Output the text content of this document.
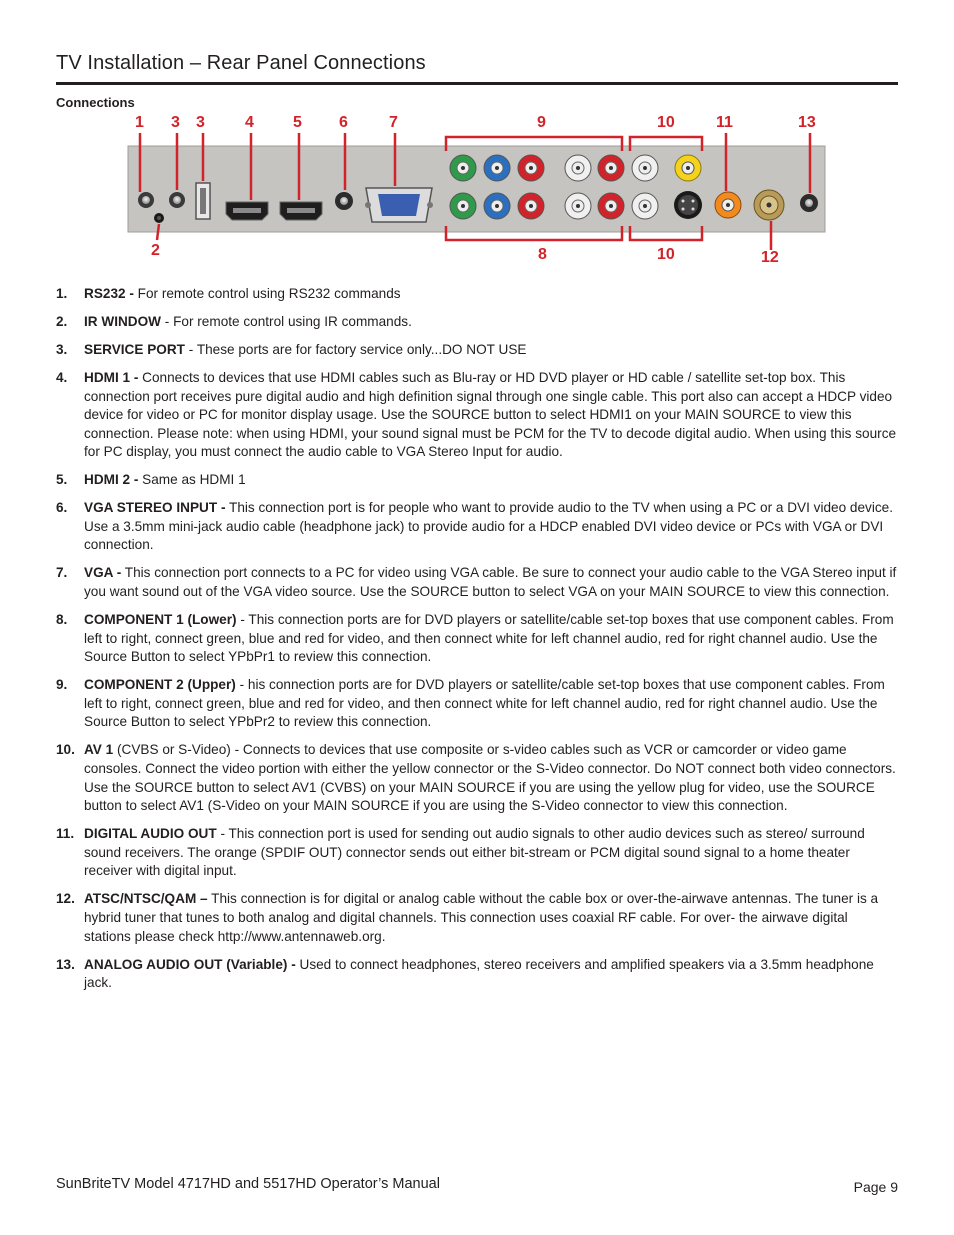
TV Installation – Rear Panel Connections
Connections
1
2
3 3	4 5 6	7
8
9	10
10
11
12
13
1. RS232 - For remote control using RS232 commands
2. IR WINDOW - For remote control using IR commands.
3. SERVICE PORT - These ports are for factory service only...DO NOT USE
4. HDMI 1 - Connects to devices that use HDMI cables such as Blu-ray or HD DVD player or HD cable / satellite set-top box. This connection port receives pure digital audio and high definition signal through one single cable. This port also can accept a HDCP video device for video or PC for monitor display usage. Use the SOURCE button to select HDMI1 on your MAIN SOURCE to view this connection. Please note: when using HDMI, your sound signal must be PCM for the TV to decode digital audio. When using this source for PC display, you must connect the audio cable to VGA Stereo Input for audio.
5. HDMI 2 - Same as HDMI 1
6. VGA STEREO INPUT - This connection port is for people who want to provide audio to the TV when using a PC or a DVI video device. Use a 3.5mm mini-jack audio cable (headphone jack) to provide audio for a HDCP enabled DVI video device or PCs with VGA or DVI connection.
7. VGA - This connection port connects to a PC for video using VGA cable. Be sure to connect your audio cable to the VGA Stereo input if you want sound out of the VGA video source. Use the SOURCE button to select VGA on your MAIN SOURCE to view this connection.
8. COMPONENT 1 (Lower) - This connection ports are for DVD players or satellite/cable set-top boxes that use component cables. From left to right, connect green, blue and red for video, and then connect white for left channel audio, red for right channel audio. Use the Source Button to select YPbPr1 to review this connection.
9. COMPONENT 2 (Upper) - his connection ports are for DVD players or satellite/cable set-top boxes that use component cables. From left to right, connect green, blue and red for video, and then connect white for left channel audio, red for right channel audio. Use the Source Button to select YPbPr2 to review this connection.
10. AV 1 (CVBS or S-Video) - Connects to devices that use composite or s-video cables such as VCR or camcorder or video game consoles. Connect the video portion with either the yellow connector or the S-Video connector. Do NOT connect both video connectors. Use the SOURCE button to select AV1 (CVBS) on your MAIN SOURCE if you are using the yellow plug for video, use the SOURCE button to select AV1 (S-Video on your MAIN SOURCE if you are using the S-Video connector to view this connection.
11. DIGITAL AUDIO OUT - This connection port is used for sending out audio signals to other audio devices such as stereo/ surround sound receivers. The orange (SPDIF OUT) connector sends out either bit-stream or PCM digital sound signal to a home theater receiver with digital input.
12. ATSC/NTSC/QAM – This connection is for digital or analog cable without the cable box or over-the-airwave antennas. The tuner is a hybrid tuner that tunes to both analog and digital channels. This connection uses coaxial RF cable. For over- the airwave digital stations please check http://www.antennaweb.org.
13. ANALOG AUDIO OUT (Variable) - Used to connect headphones, stereo receivers and amplified speakers via a 3.5mm headphone jack.
SunBriteTV Model 4717HD and 5517HD Operator’s Manual	Page 9
